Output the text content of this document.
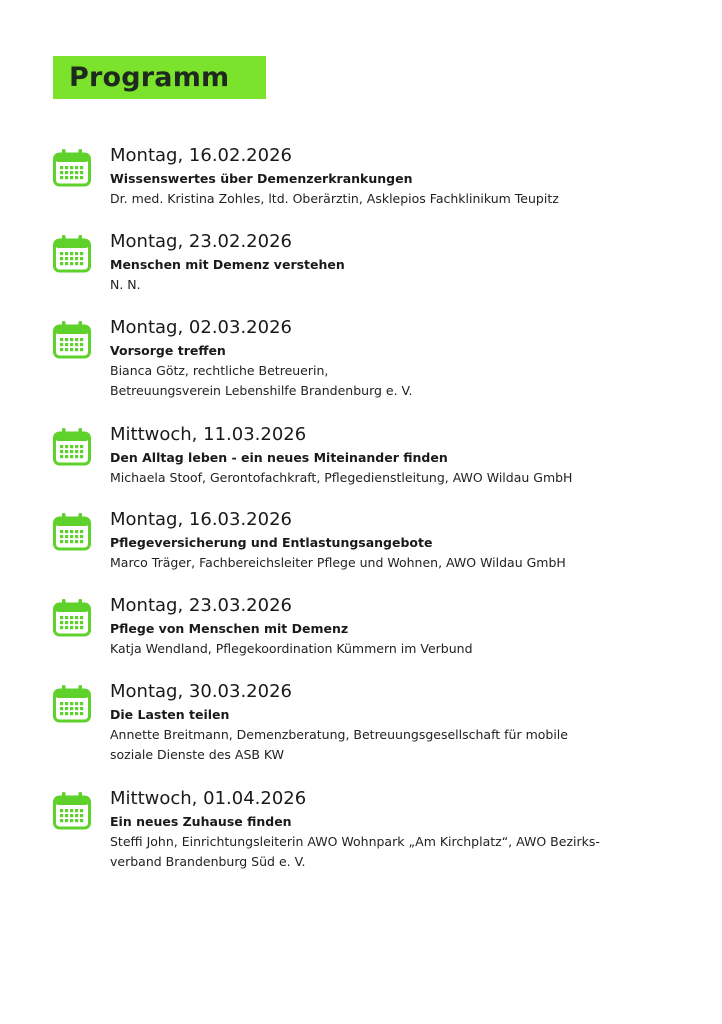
Programm

Montag, 16.02.2026

Wissenswertes über Demenzerkrankungen

Dr. med. Kristina Zohles, ltd. Oberärztin, Asklepios Fachklinikum Teupitz

Montag, 23.02.2026

Menschen mit Demenz verstehen

N. N.

Montag, 02.03.2026

Vorsorge treffen

Bianca Götz, rechtliche Betreuerin,
Betreuungsverein Lebenshilfe Brandenburg e. V.

Mittwoch, 11.03.2026

Den Alltag leben - ein neues Miteinander finden

Michaela Stoof, Gerontofachkraft, Pflegedienstleitung, AWO Wildau GmbH

Montag, 16.03.2026

Pflegeversicherung und Entlastungsangebote

Marco Träger, Fachbereichsleiter Pflege und Wohnen, AWO Wildau GmbH

Montag, 23.03.2026

Pflege von Menschen mit Demenz

Katja Wendland, Pflegekoordination Kümmern im Verbund

Montag, 30.03.2026

Die Lasten teilen

Annette Breitmann, Demenzberatung, Betreuungsgesellschaft für mobile
soziale Dienste des ASB KW

Mittwoch, 01.04.2026

Ein neues Zuhause finden

Steffi John, Einrichtungsleiterin AWO Wohnpark „Am Kirchplatz“, AWO Bezirks-
verband Brandenburg Süd e. V.
